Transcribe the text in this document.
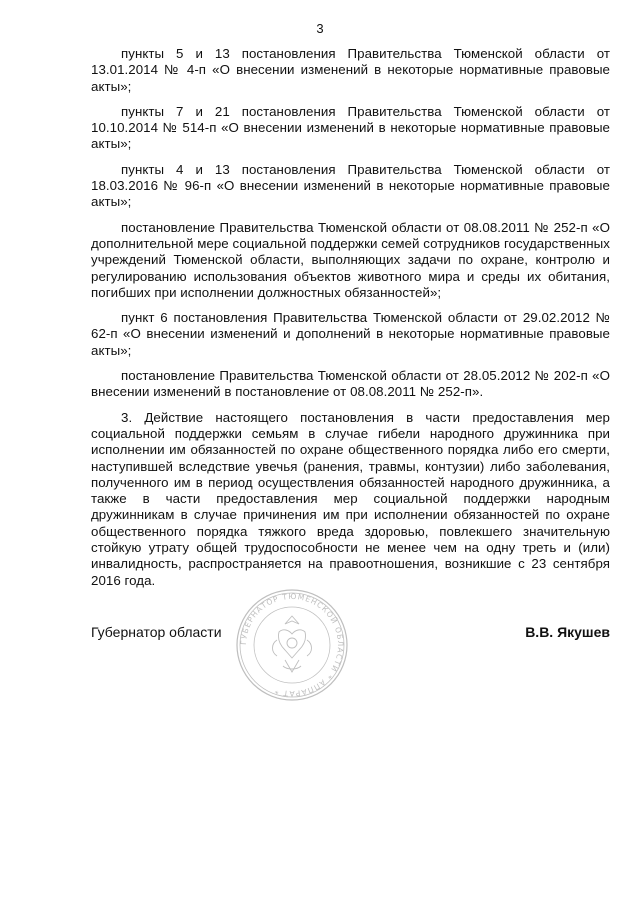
3

пункты 5 и 13 постановления Правительства Тюменской области от 13.01.2014 № 4-п «О внесении изменений в некоторые нормативные правовые акты»;

пункты 7 и 21 постановления Правительства Тюменской области от 10.10.2014 № 514-п «О внесении изменений в некоторые нормативные правовые акты»;

пункты 4 и 13 постановления Правительства Тюменской области от 18.03.2016 № 96-п «О внесении изменений в некоторые нормативные правовые акты»;

постановление Правительства Тюменской области от 08.08.2011 № 252-п «О дополнительной мере социальной поддержки семей сотрудников государственных учреждений Тюменской области, выполняющих задачи по охране, контролю и регулированию использования объектов животного мира и среды их обитания, погибших при исполнении должностных обязанностей»;

пункт 6 постановления Правительства Тюменской области от 29.02.2012 № 62-п «О внесении изменений и дополнений в некоторые нормативные правовые акты»;

постановление Правительства Тюменской области от 28.05.2012 № 202-п «О внесении изменений в постановление от 08.08.2011 № 252-п».

3. Действие настоящего постановления в части предоставления мер социальной поддержки семьям в случае гибели народного дружинника при исполнении им обязанностей по охране общественного порядка либо его смерти, наступившей вследствие увечья (ранения, травмы, контузии) либо заболевания, полученного им в период осуществления обязанностей народного дружинника, а также в части предоставления мер социальной поддержки народным дружинникам в случае причинения им при исполнении обязанностей по охране общественного порядка тяжкого вреда здоровью, повлекшего значительную стойкую утрату общей трудоспособности не менее чем на одну треть и (или) инвалидность, распространяется на правоотношения, возникшие с 23 сентября 2016 года.

Губернатор области	В.В. Якушев
ГУБЕРНАТОР ТЮМЕНСКОЙ ОБЛАСТИ * АППАРАТ *
